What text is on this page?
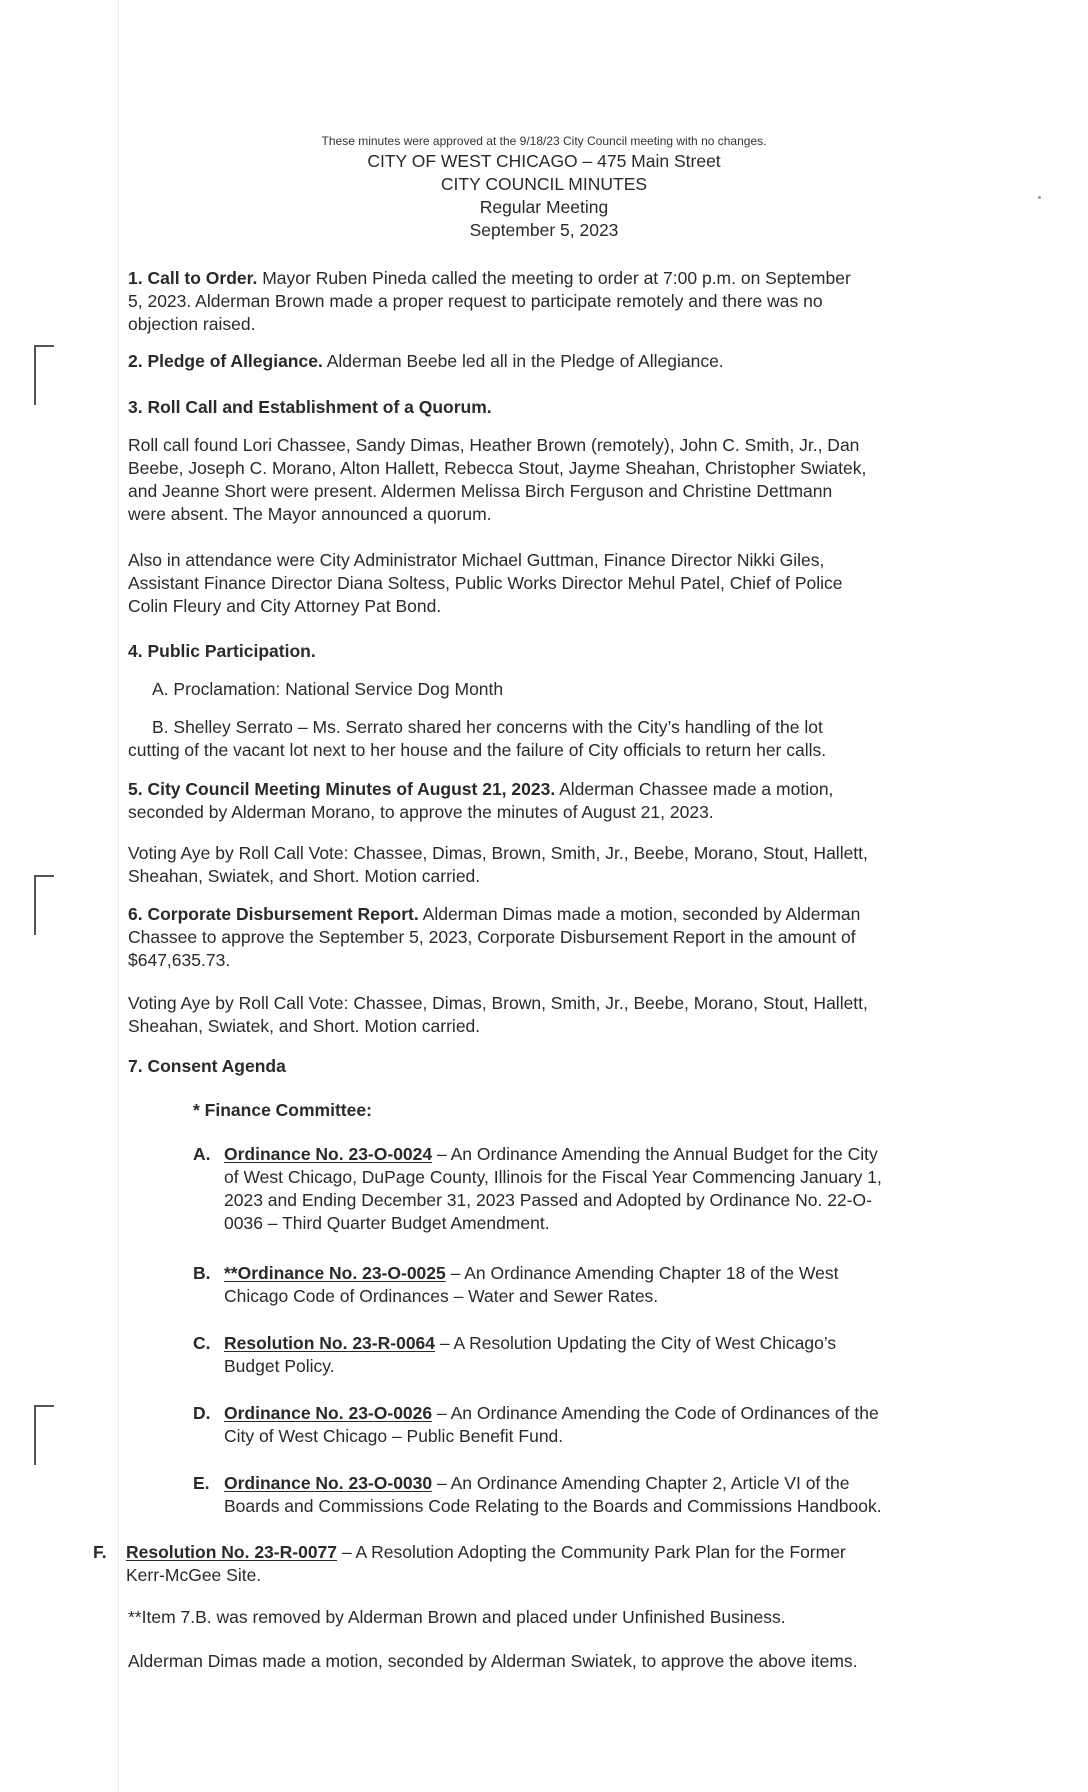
These minutes were approved at the 9/18/23 City Council meeting with no changes.
CITY OF WEST CHICAGO – 475 Main Street
CITY COUNCIL MINUTES
Regular Meeting
September 5, 2023
1. Call to Order. Mayor Ruben Pineda called the meeting to order at 7:00 p.m. on September
5, 2023. Alderman Brown made a proper request to participate remotely and there was no
objection raised.
2. Pledge of Allegiance. Alderman Beebe led all in the Pledge of Allegiance.
3. Roll Call and Establishment of a Quorum.
Roll call found Lori Chassee, Sandy Dimas, Heather Brown (remotely), John C. Smith, Jr., Dan
Beebe, Joseph C. Morano, Alton Hallett, Rebecca Stout, Jayme Sheahan, Christopher Swiatek,
and Jeanne Short were present. Aldermen Melissa Birch Ferguson and Christine Dettmann
were absent. The Mayor announced a quorum.
Also in attendance were City Administrator Michael Guttman, Finance Director Nikki Giles,
Assistant Finance Director Diana Soltess, Public Works Director Mehul Patel, Chief of Police
Colin Fleury and City Attorney Pat Bond.
4. Public Participation.
A. Proclamation: National Service Dog Month
B. Shelley Serrato – Ms. Serrato shared her concerns with the City’s handling of the lot
cutting of the vacant lot next to her house and the failure of City officials to return her calls.
5. City Council Meeting Minutes of August 21, 2023. Alderman Chassee made a motion,
seconded by Alderman Morano, to approve the minutes of August 21, 2023.
Voting Aye by Roll Call Vote: Chassee, Dimas, Brown, Smith, Jr., Beebe, Morano, Stout, Hallett,
Sheahan, Swiatek, and Short. Motion carried.
6. Corporate Disbursement Report. Alderman Dimas made a motion, seconded by Alderman
Chassee to approve the September 5, 2023, Corporate Disbursement Report in the amount of
$647,635.73.
Voting Aye by Roll Call Vote: Chassee, Dimas, Brown, Smith, Jr., Beebe, Morano, Stout, Hallett,
Sheahan, Swiatek, and Short. Motion carried.
7. Consent Agenda
* Finance Committee:
A. Ordinance No. 23-O-0024 – An Ordinance Amending the Annual Budget for the City
of West Chicago, DuPage County, Illinois for the Fiscal Year Commencing January 1,
2023 and Ending December 31, 2023 Passed and Adopted by Ordinance No. 22-O-
0036 – Third Quarter Budget Amendment.
B. **Ordinance No. 23-O-0025 – An Ordinance Amending Chapter 18 of the West
Chicago Code of Ordinances – Water and Sewer Rates.
C. Resolution No. 23-R-0064 – A Resolution Updating the City of West Chicago’s
Budget Policy.
D. Ordinance No. 23-O-0026 – An Ordinance Amending the Code of Ordinances of the
City of West Chicago – Public Benefit Fund.
E. Ordinance No. 23-O-0030 – An Ordinance Amending Chapter 2, Article VI of the
Boards and Commissions Code Relating to the Boards and Commissions Handbook.
F. Resolution No. 23-R-0077 – A Resolution Adopting the Community Park Plan for the Former
Kerr-McGee Site.
**Item 7.B. was removed by Alderman Brown and placed under Unfinished Business.
Alderman Dimas made a motion, seconded by Alderman Swiatek, to approve the above items.
